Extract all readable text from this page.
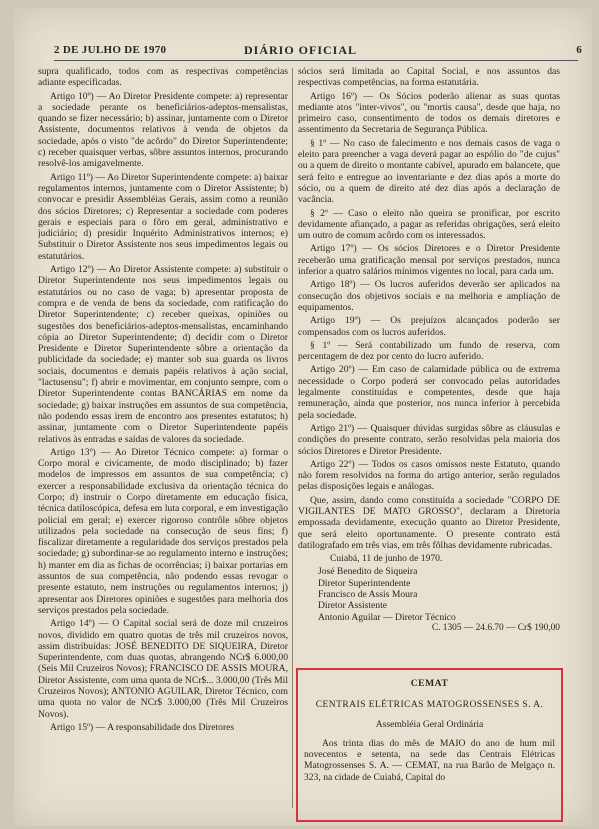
2 DE JULHO DE 1970	DIÁRIO OFICIAL	6

supra qualificado, todos com as respectivas competências adiante especificadas.

Artigo 10º) — Ao Diretor Presidente compete: a) representar a sociedade perante os beneficiários-adeptos-mensalistas, quando se fizer necessário; b) assinar, juntamente com o Diretor Assistente, documentos relativos à venda de objetos da sociedade, após o visto "de acôrdo" do Diretor Superintendente; c) receber quaisquer verbas, sôbre assuntos internos, procurando resolvê-los amigavelmente.

Artigo 11º) — Ao Diretor Superintendente compete: a) baixar regulamentos internos, juntamente com o Diretor Assistente; b) convocar e presidir Assembléias Gerais, assim como a reunião dos sócios Diretores; c) Representar a sociedade com poderes gerais e especiais para o fôro em geral, administrativo e judiciário; d) presidir Inquérito Administrativos internos; e) Substituir o Diretor Assistente nos seus impedimentos legais ou estatutários.

Artigo 12º) — Ao Diretor Assistente compete: a) substituir o Diretor Superintendente nos seus impedimentos legais ou estatutários ou no caso de vaga; b) apresentar proposta de compra e de venda de bens da sociedade, com ratificação do Diretor Superintendente; c) receber queixas, opiniões ou sugestões dos beneficiários-adeptos-mensalistas, encaminhando cópia ao Diretor Superintendente; d) decidir com o Diretor Presidente e Diretor Superintendente sôbre a orientação da publicidade da sociedade; e) manter sob sua guarda os livros sociais, documentos e demais papéis relativos à ação social, "lactusensu"; f) abrir e movimentar, em conjunto sempre, com o Diretor Superintendente contas BANCÁRIAS em nome da sociedade; g) baixar instruções em assuntos de sua competência, não podendo essas irem de encontro aos presentes estatutos; h) assinar, juntamente com o Diretor Superintendente papéis relativos às entradas e saídas de valores da sociedade.

Artigo 13º) — Ao Diretor Técnico compete: a) formar o Corpo moral e civicamente, de modo disciplinado; b) fazer modelos de impressos em assuntos de sua competência; c) exercer a responsabilidade exclusiva da orientação técnica do Corpo; d) instruir o Corpo diretamente em educação física, técnica datiloscópica, defesa em luta corporal, e em investigação policial em geral; e) exercer rigoroso contrôle sôbre objetos utilizados pela sociedade na consecução de seus fins; f) fiscalizar diretamente a regularidade dos serviços prestados pela sociedade; g) subordinar-se ao regulamento interno e instruções; h) manter em dia as fichas de ocorrências; i) baixar portarias em assuntos de sua competência, não podendo essas revogar o presente estatuto, nem instruções ou regulamentos internos; j) apresentar aos Diretores opiniões e sugestões para melhoria dos serviços prestados pela sociedade.

Artigo 14º) — O Capital social será de doze mil cruzeiros novos, dividido em quatro quotas de três mil cruzeiros novos, assim distribuídas: JOSÉ BENEDITO DE SIQUEIRA, Diretor Superintendente, com duas quotas, abrangendo NCr$ 6.000,00 (Seis Mil Cruzeiros Novos); FRANCISCO DE ASSIS MOURA, Diretor Assistente, com uma quota de NCr$... 3.000,00 (Três Mil Cruzeiros Novos); ANTONIO AGUILAR, Diretor Técnico, com uma quota no valor de NCr$ 3.000,00 (Três Mil Cruzeiros Novos).

Artigo 15º) — A responsabilidade dos Diretores

sócios será limitada ao Capital Social, e nos assuntos das respectivas competências, na forma estatutária.

Artigo 16º) — Os Sócios poderão alienar as suas quotas mediante atos "inter-vivos", ou "mortis causa", desde que haja, no primeiro caso, consentimento de todos os demais diretores e assentimento da Secretaria de Segurança Pública.

§ 1º — No caso de falecimento e nos demais casos de vaga o eleito para preencher a vaga deverá pagar ao espólio do "de cujus" ou a quem de direito o montante cabível, apurado em balancete, que será feito e entregue ao inventariante e dez dias após a morte do sócio, ou a quem de direito até dez dias após a declaração de vacância.

§ 2º — Caso o eleito não queira se pronificar, por escrito devidamente afiançado, a pagar as referidas obrigações, será eleito um outro de comum acôrdo com os interessados.

Artigo 17º) — Os sócios Diretores e o Diretor Presidente receberão uma gratificação mensal por serviços prestados, nunca inferior a quatro salários mínimos vigentes no local, para cada um.

Artigo 18º) — Os lucros auferidos deverão ser aplicados na consecução dos objetivos sociais e na melhoria e ampliação de equipamentos.

Artigo 19º) — Os prejuízos alcançados poderão ser compensados com os lucros auferidos.

§ 1º — Será contabilizado um fundo de reserva, com percentagem de dez por cento do lucro auferido.

Artigo 20º) — Em caso de calamidade pública ou de extrema necessidade o Corpo poderá ser convocado pelas autoridades legalmente constituídas e competentes, desde que haja remuneração, ainda que posterior, nos nunca inferior à percebida pela sociedade.

Artigo 21º) — Quaisquer dúvidas surgidas sôbre as cláusulas e condições do presente contrato, serão resolvidas pela maioria dos sócios Diretores e Diretor Presidente.

Artigo 22º) — Todos os casos omissos neste Estatuto, quando não forem resolvidos na forma do artigo anterior, serão regulados pelas disposições legais e análogas.

Que, assim, dando como constituída a sociedade "CORPO DE VIGILANTES DE MATO GROSSO", declaram a Diretoria empossada devidamente, execução quanto ao Diretor Presidente, que será eleito oportunamente. O presente contrato está datilografado em três vias, em três fôlhas devidamente rubricadas.

Cuiabá, 11 de junho de 1970.

José Benedito de Siqueira
Diretor Superintendente
Francisco de Assis Moura
Diretor Assistente
Antonio Aguilar — Diretor Técnico

C. 1305 — 24.6.70 — Cr$ 190,00

CEMAT
CENTRAIS ELÉTRICAS MATOGROSSENSES S. A.
Assembléia Geral Ordinária
Aos trinta dias do mês de MAIO do ano de hum mil novecentos e setenta, na sede das Centrais Elétricas Matogrossenses S. A. — CEMAT, na rua Barão de Melgaço n. 323, na cidade de Cuiabá, Capital do
